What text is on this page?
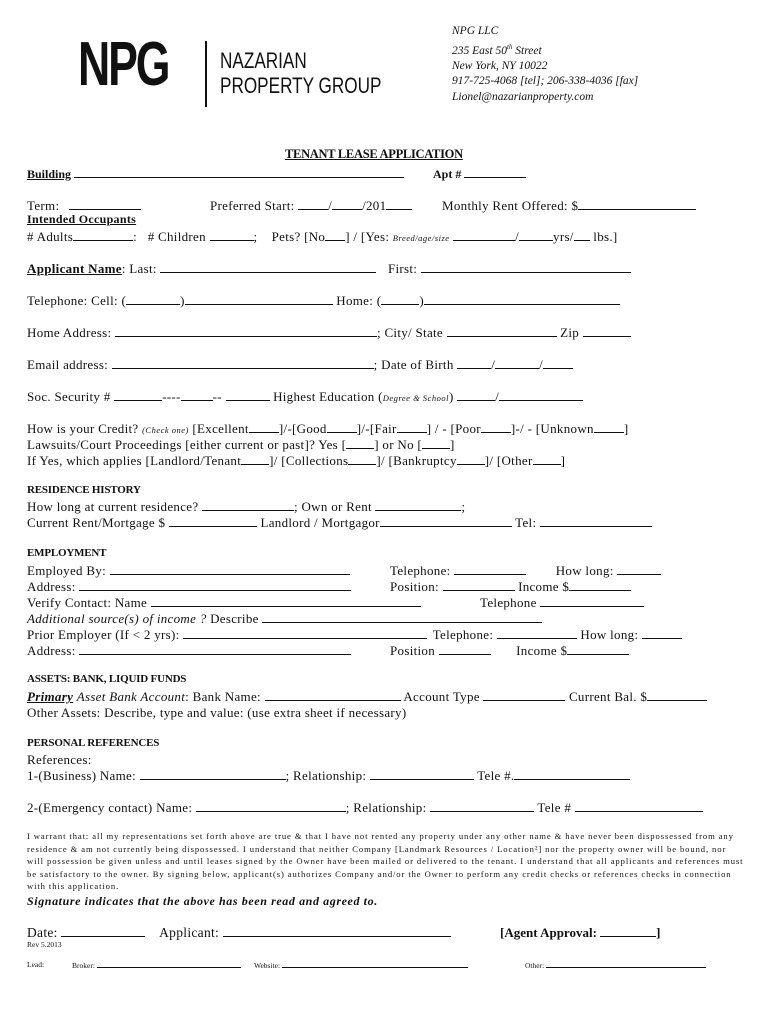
NPG NAZARIAN
PROPERTY GROUP
NPG LLC
235 East 50th Street
New York, NY 10022
917-725-4068 [tel]; 206-338-4036 [fax]
Lionel@nazarianproperty.com
TENANT LEASE APPLICATION
Building	Apt #
Term:	Preferred Start:	/ /201	Monthly Rent Offered: $
Intended Occupants
# Adults	: # Children	; Pets? [No ] / [Yes: Breed/age/size	/	yrs/ lbs.]
Applicant Name: Last:	First:
Telephone: Cell: (	)	Home: (	)
Home Address:	; City/ State	Zip
Email address:	; Date of Birth	/	/
Soc. Security #	---- --	Highest Education (Degree & School)	/
How is your Credit? (Check one) [Excellent ]/-[Good ]/-[Fair ] / - [Poor ]-/ - [Unknown ]
Lawsuits/Court Proceedings [either current or past]? Yes [ ] or No [ ]
If Yes, which applies [Landlord/Tenant ]/ [Collections ]/ [Bankruptcy ]/ [Other ]
RESIDENCE HISTORY
How long at current residence?	; Own or Rent	;
Current Rent/Mortgage $	Landlord / Mortgagor	Tel:
EMPLOYMENT
Employed By:	Telephone:	How long:
Address:	Position:	Income $
Verify Contact: Name	Telephone
Additional source(s) of income ? Describe
Prior Employer (If < 2 yrs):	Telephone:	How long:
Address:	Position	Income $
ASSETS: BANK, LIQUID FUNDS
Primary Asset Bank Account: Bank Name:	Account Type	Current Bal. $
Other Assets: Describe, type and value: (use extra sheet if necessary)
PERSONAL REFERENCES
References:
1-(Business) Name:	; Relationship:	Tele #.
2-(Emergency contact) Name:	; Relationship:	Tele #
I warrant that: all my representations set forth above are true & that I have not rented any property under any other name & have never been dispossessed from any residence & am not currently being dispossessed. I understand that neither Company [Landmark Resources / Location²] nor the property owner will be bound, nor will possession be given unless and until leases signed by the Owner have been mailed or delivered to the tenant. I understand that all applicants and references must be satisfactory to the owner. By signing below, applicant(s) authorizes Company and/or the Owner to perform any credit checks or references checks in connection with this application.
Signature indicates that the above has been read and agreed to.
Date:	Applicant:	[Agent Approval:	]
Rev 5.2013
Lead:	Broker:	Website:	Other:
